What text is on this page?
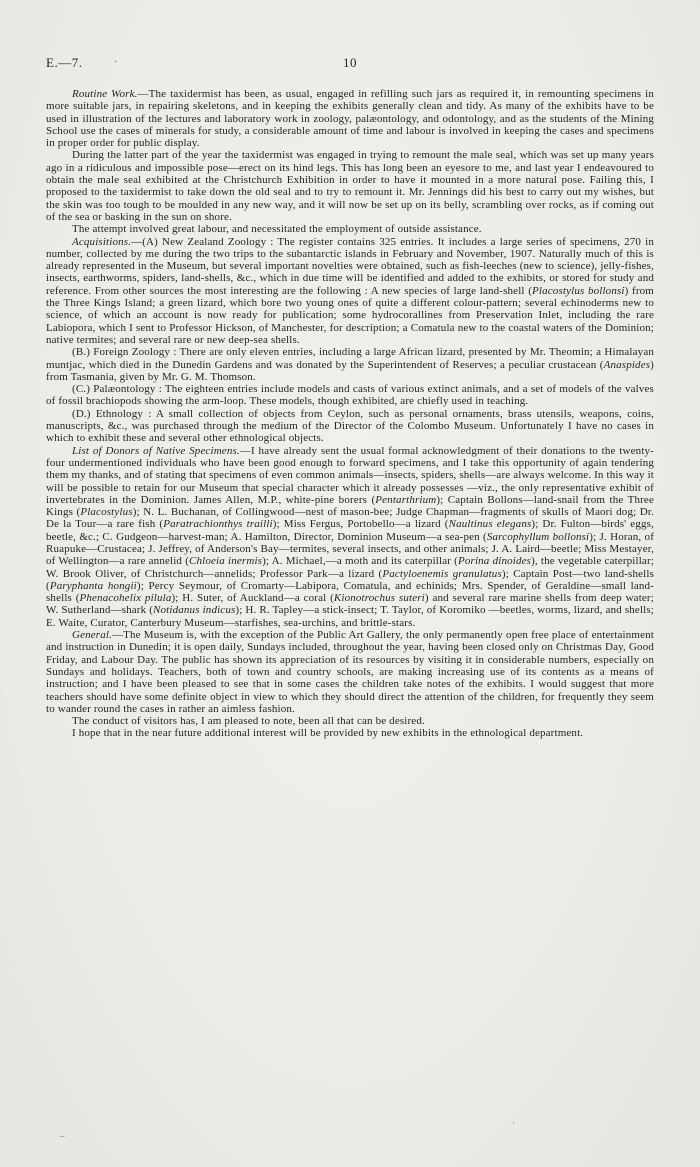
E.—7.	·	10

Routine Work.—The taxidermist has been, as usual, engaged in refilling such jars as required it, in remounting specimens in more suitable jars, in repairing skeletons, and in keeping the exhibits generally clean and tidy. As many of the exhibits have to be used in illustration of the lectures and laboratory work in zoology, palæontology, and odontology, and as the students of the Mining School use the cases of minerals for study, a considerable amount of time and labour is involved in keeping the cases and specimens in proper order for public display.

During the latter part of the year the taxidermist was engaged in trying to remount the male seal, which was set up many years ago in a ridiculous and impossible pose—erect on its hind legs. This has long been an eyesore to me, and last year I endeavoured to obtain the male seal exhibited at the Christchurch Exhibition in order to have it mounted in a more natural pose. Failing this, I proposed to the taxidermist to take down the old seal and to try to remount it. Mr. Jennings did his best to carry out my wishes, but the skin was too tough to be moulded in any new way, and it will now be set up on its belly, scrambling over rocks, as if coming out of the sea or basking in the sun on shore.

The attempt involved great labour, and necessitated the employment of outside assistance.

Acquisitions.—(A) New Zealand Zoology : The register contains 325 entries. It includes a large series of specimens, 270 in number, collected by me during the two trips to the subantarctic islands in February and November, 1907. Naturally much of this is already represented in the Museum, but several important novelties were obtained, such as fish-leeches (new to science), jelly-fishes, insects, earthworms, spiders, land-shells, &c., which in due time will be identified and added to the exhibits, or stored for study and reference. From other sources the most interesting are the following : A new species of large land-shell (Placostylus bollonsi) from the Three Kings Island; a green lizard, which bore two young ones of quite a different colour-pattern; several echinoderms new to science, of which an account is now ready for publication; some hydrocorallines from Preservation Inlet, including the rare Labiopora, which I sent to Professor Hickson, of Manchester, for description; a Comatula new to the coastal waters of the Dominion; native termites; and several rare or new deep-sea shells.

(B.) Foreign Zoology : There are only eleven entries, including a large African lizard, presented by Mr. Theomin; a Himalayan muntjac, which died in the Dunedin Gardens and was donated by the Superintendent of Reserves; a peculiar crustacean (Anaspides) from Tasmania, given by Mr. G. M. Thomson.

(C.) Palæontology : The eighteen entries include models and casts of various extinct animals, and a set of models of the valves of fossil brachiopods showing the arm-loop. These models, though exhibited, are chiefly used in teaching.

(D.) Ethnology : A small collection of objects from Ceylon, such as personal ornaments, brass utensils, weapons, coins, manuscripts, &c., was purchased through the medium of the Director of the Colombo Museum. Unfortunately I have no cases in which to exhibit these and several other ethnological objects.

List of Donors of Native Specimens.—I have already sent the usual formal acknowledgment of their donations to the twenty-four undermentioned individuals who have been good enough to forward specimens, and I take this opportunity of again tendering them my thanks, and of stating that specimens of even common animals—insects, spiders, shells—are always welcome. In this way it will be possible to retain for our Museum that special character which it already possesses —viz., the only representative exhibit of invertebrates in the Dominion. James Allen, M.P., white-pine borers (Pentarthrium); Captain Bollons—land-snail from the Three Kings (Placostylus); N. L. Buchanan, of Collingwood—nest of mason-bee; Judge Chapman—fragments of skulls of Maori dog; Dr. De la Tour—a rare fish (Paratrachionthys trailli); Miss Fergus, Portobello—a lizard (Naultinus elegans); Dr. Fulton—birds' eggs, beetle, &c.; C. Gudgeon—harvest-man; A. Hamilton, Director, Dominion Museum—a sea-pen (Sarcophyllum bollonsi); J. Horan, of Ruapuke—Crustacea; J. Jeffrey, of Anderson's Bay—termites, several insects, and other animals; J. A. Laird—beetle; Miss Mestayer, of Wellington—a rare annelid (Chloeia inermis); A. Michael,—a moth and its caterpillar (Porina dinoides), the vegetable caterpillar; W. Brook Oliver, of Christchurch—annelids; Professor Park—a lizard (Pactyloenemis granulatus); Captain Post—two land-shells (Paryphanta hongii); Percy Seymour, of Cromarty—Labipora, Comatula, and echinids; Mrs. Spender, of Geraldine—small land-shells (Phenacohelix pilula); H. Suter, of Auckland—a coral (Kionotrochus suteri) and several rare marine shells from deep water; W. Sutherland—shark (Notidanus indicus); H. R. Tapley—a stick-insect; T. Taylor, of Koromiko —beetles, worms, lizard, and shells; E. Waite, Curator, Canterbury Museum—starfishes, sea-urchins, and brittle-stars.

General.—The Museum is, with the exception of the Public Art Gallery, the only permanently open free place of entertainment and instruction in Dunedin; it is open daily, Sundays included, throughout the year, having been closed only on Christmas Day, Good Friday, and Labour Day. The public has shown its appreciation of its resources by visiting it in considerable numbers, especially on Sundays and holidays. Teachers, both of town and country schools, are making increasing use of its contents as a means of instruction; and I have been pleased to see that in some cases the children take notes of the exhibits. I would suggest that more teachers should have some definite object in view to which they should direct the attention of the children, for frequently they seem to wander round the cases in rather an aimless fashion.

The conduct of visitors has, I am pleased to note, been all that can be desired.

I hope that in the near future additional interest will be provided by new exhibits in the ethnological department.

_
·
